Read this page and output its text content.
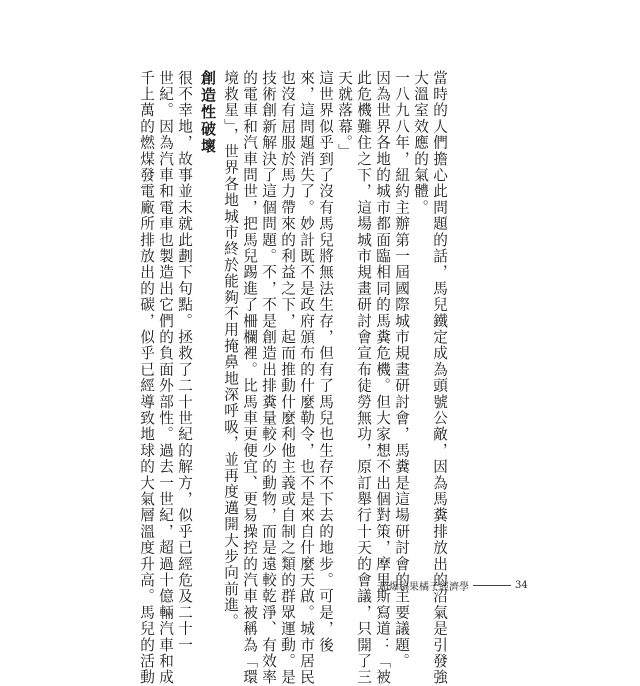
當時的人們擔心此問題的話，馬兒鐵定成為頭號公敵，因為馬糞排放出的沼氣是引發強
大溫室效應的氣體。
一八九八年，紐約主辦第一屆國際城市規畫研討會，馬糞是這場研討會的主要議題。
因為世界各地的城市都面臨相同的馬糞危機。但大家想不出個對策，摩里斯寫道：「被
此危機難住之下，這場城市規畫研討會宣布徒勞無功，原訂舉行十天的會議，只開了三
天就落幕。」
這世界似乎到了沒有馬兒將無法生存，但有了馬兒也生存不下去的地步。可是，後
來，這問題消失了。妙計既不是政府頒布的什麼勒令，也不是來自什麼天啟。城市居民
也沒有屈服於馬力帶來的利益之下，起而推動什麼利他主義或自制之類的群眾運動。是
技術創新解決了這個問題。不，不是創造出排糞量較少的動物，而是遠較乾淨、有效率
的電車和汽車問世，把馬兒踢進了柵欄裡。比馬車更便宜、更易操控的汽車被稱為「環
境救星」，世界各地城市終於能夠不用掩鼻地深呼吸，並再度邁開大步向前進。
創造性破壞
很不幸地，故事並未就此劃下句點。拯救了二十世紀的解方，似乎已經危及二十一
世紀。因為汽車和電車也製造出它們的負面外部性。過去一世紀，超過十億輛汽車和成
千上萬的燃煤發電廠所排放出的碳，似乎已經導致地球的大氣層溫度升高。馬兒的活動	超爆稿果橘子經濟學	34
